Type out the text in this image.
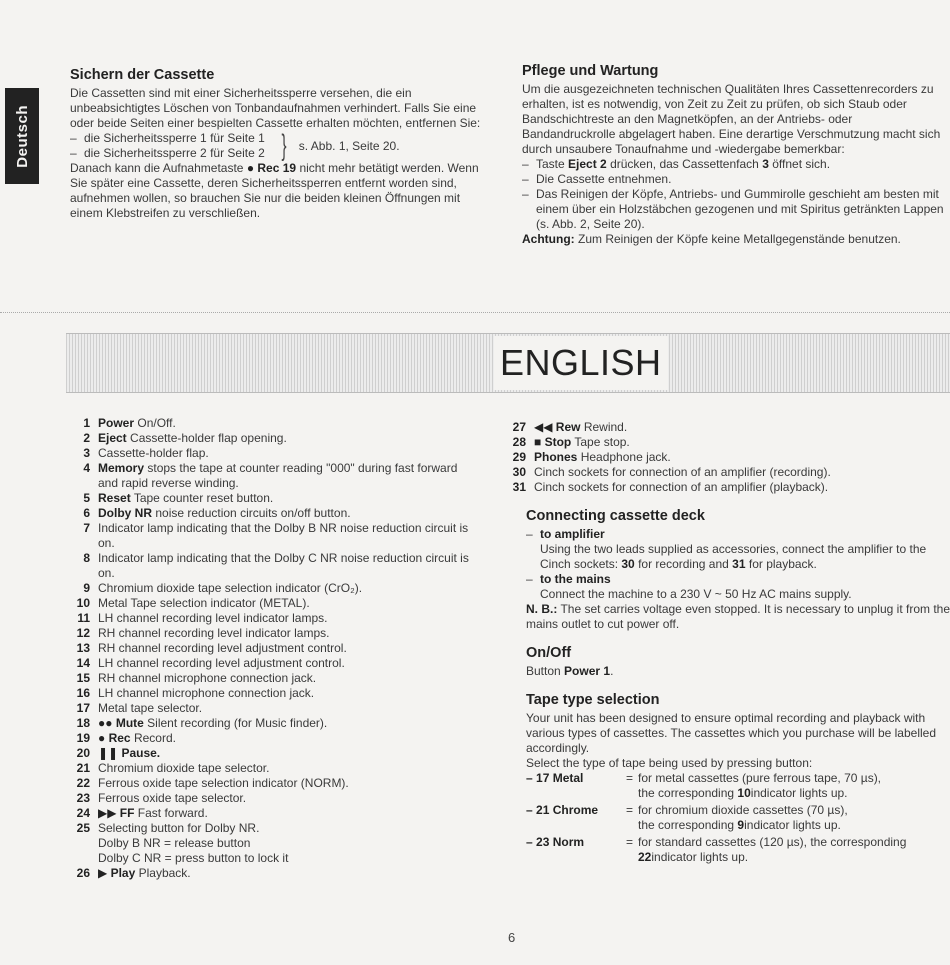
Deutsch
Sichern der Cassette

Die Cassetten sind mit einer Sicherheitssperre versehen, die ein unbeabsichtigtes Löschen von Tonbandaufnahmen verhindert. Falls Sie eine oder beide Seiten einer bespielten Cassette erhalten möchten, entfernen Sie:

– die Sicherheitssperre 1 für Seite 1
– die Sicherheitssperre 2 für Seite 2 } s. Abb. 1, Seite 20.

Danach kann die Aufnahmetaste ● Rec 19 nicht mehr betätigt werden. Wenn Sie später eine Cassette, deren Sicherheitssperren entfernt worden sind, aufnehmen wollen, so brauchen Sie nur die beiden kleinen Öffnungen mit einem Klebstreifen zu verschließen.

Pflege und Wartung

Um die ausgezeichneten technischen Qualitäten Ihres Cassettenrecorders zu erhalten, ist es notwendig, von Zeit zu Zeit zu prüfen, ob sich Staub oder Bandschichtreste an den Magnetköpfen, an der Antriebs- oder Bandandruckrolle abgelagert haben. Eine derartige Verschmutzung macht sich durch unsaubere Tonaufnahme und -wiedergabe bemerkbar:

– Taste Eject 2 drücken, das Cassettenfach 3 öffnet sich.
– Die Cassette entnehmen.
– Das Reinigen der Köpfe, Antriebs- und Gummirolle geschieht am besten mit einem über ein Holzstäbchen gezogenen und mit Spiritus getränkten Lappen (s. Abb. 2, Seite 20).

Achtung: Zum Reinigen der Köpfe keine Metallgegenstände benutzen.

ENGLISH
1 Power On/Off.
2 Eject Cassette-holder flap opening.
3 Cassette-holder flap.
4 Memory stops the tape at counter reading "000" during fast forward and rapid reverse winding.
5 Reset Tape counter reset button.
6 Dolby NR noise reduction circuits on/off button.
7 Indicator lamp indicating that the Dolby B NR noise reduction circuit is on.
8 Indicator lamp indicating that the Dolby C NR noise reduction circuit is on.
9 Chromium dioxide tape selection indicator (CrO₂).
10 Metal Tape selection indicator (METAL).
11 LH channel recording level indicator lamps.
12 RH channel recording level indicator lamps.
13 RH channel recording level adjustment control.
14 LH channel recording level adjustment control.
15 RH channel microphone connection jack.
16 LH channel microphone connection jack.
17 Metal tape selector.
18 ●● Mute Silent recording (for Music finder).
19 ● Rec Record.
20 ❚❚ Pause.
21 Chromium dioxide tape selector.
22 Ferrous oxide tape selection indicator (NORM).
23 Ferrous oxide tape selector.
24 ▶▶ FF Fast forward.
25 Selecting button for Dolby NR.
Dolby B NR = release button
Dolby C NR = press button to lock it
26 ▶ Play Playback.
27 ◀◀ Rew Rewind.
28 ■ Stop Tape stop.
29 Phones Headphone jack.
30 Cinch sockets for connection of an amplifier (recording).
31 Cinch sockets for connection of an amplifier (playback).
Connecting cassette deck
– to amplifier

Using the two leads supplied as accessories, connect the amplifier to the Cinch sockets: 30 for recording and 31 for playback.

– to the mains

Connect the machine to a 230 V ~ 50 Hz AC mains supply.

N. B.: The set carries voltage even stopped. It is necessary to unplug it from the mains outlet to cut power off.

On/Off

Button Power 1.

Tape type selection

Your unit has been designed to ensure optimal recording and playback with various types of cassettes. The cassettes which you purchase will be labelled accordingly.

Select the type of tape being used by pressing button:

– 17 Metal	= for metal cassettes (pure ferrous tape, 70 µs),
the corresponding 10indicator lights up.
– 21 Chrome	= for chromium dioxide cassettes (70 µs),
the corresponding 9indicator lights up.
– 23 Norm	= for standard cassettes (120 µs), the corresponding
22indicator lights up.
6
